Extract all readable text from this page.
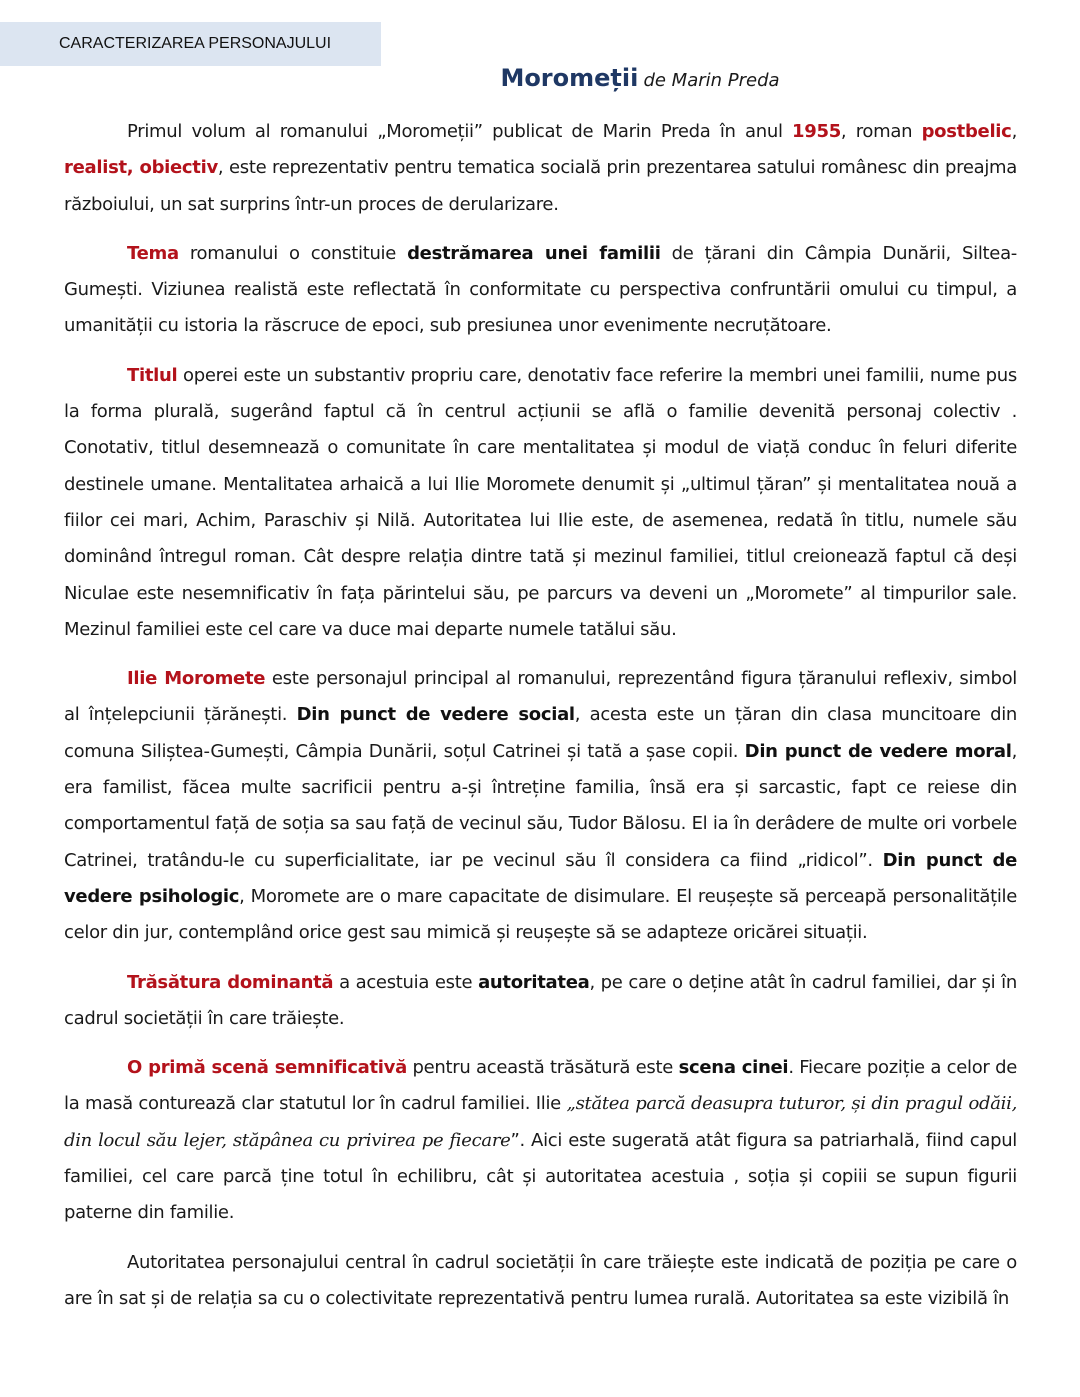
CARACTERIZAREA PERSONAJULUI
Moromeții de Marin Preda

Primul volum al romanului „Moromeții” publicat de Marin Preda în anul 1955, roman postbelic, realist, obiectiv, este reprezentativ pentru tematica socială prin prezentarea satului românesc din preajma războiului, un sat surprins într-un proces de derularizare.

Tema romanului o constituie destrămarea unei familii de țărani din Câmpia Dunării, Siltea-Gumești. Viziunea realistă este reflectată în conformitate cu perspectiva confruntării omului cu timpul, a umanității cu istoria la răscruce de epoci, sub presiunea unor evenimente necruțătoare.

Titlul operei este un substantiv propriu care, denotativ face referire la membri unei familii, nume pus la forma plurală, sugerând faptul că în centrul acțiunii se află o familie devenită personaj colectiv . Conotativ, titlul desemnează o comunitate în care mentalitatea și modul de viață conduc în feluri diferite destinele umane. Mentalitatea arhaică a lui Ilie Moromete denumit și „ultimul țăran” și mentalitatea nouă a fiilor cei mari, Achim, Paraschiv și Nilă. Autoritatea lui Ilie este, de asemenea, redată în titlu, numele său dominând întregul roman. Cât despre relația dintre tată și mezinul familiei, titlul creionează faptul că deși Niculae este nesemnificativ în fața părintelui său, pe parcurs va deveni un „Moromete” al timpurilor sale. Mezinul familiei este cel care va duce mai departe numele tatălui său.

Ilie Moromete este personajul principal al romanului, reprezentând figura țăranului reflexiv, simbol al înțelepciunii țărănești. Din punct de vedere social, acesta este un țăran din clasa muncitoare din comuna Siliștea-Gumești, Câmpia Dunării, soțul Catrinei și tată a șase copii. Din punct de vedere moral, era familist, făcea multe sacrificii pentru a-și întreține familia, însă era și sarcastic, fapt ce reiese din comportamentul față de soția sa sau față de vecinul său, Tudor Bălosu. El ia în derâdere de multe ori vorbele Catrinei, tratându-le cu superficialitate, iar pe vecinul său îl considera ca fiind „ridicol”. Din punct de vedere psihologic, Moromete are o mare capacitate de disimulare. El reușește să perceapă personalitățile celor din jur, contemplând orice gest sau mimică și reușește să se adapteze oricărei situații.

Trăsătura dominantă a acestuia este autoritatea, pe care o deține atât în cadrul familiei, dar și în cadrul societății în care trăiește.

O primă scenă semnificativă pentru această trăsătură este scena cinei. Fiecare poziție a celor de la masă conturează clar statutul lor în cadrul familiei. Ilie „stătea parcă deasupra tuturor, și din pragul odăii, din locul său lejer, stăpânea cu privirea pe fiecare”. Aici este sugerată atât figura sa patriarhală, fiind capul familiei, cel care parcă ține totul în echilibru, cât și autoritatea acestuia , soția și copiii se supun figurii paterne din familie.

Autoritatea personajului central în cadrul societății în care trăiește este indicată de poziția pe care o are în sat și de relația sa cu o colectivitate reprezentativă pentru lumea rurală. Autoritatea sa este vizibilă în
